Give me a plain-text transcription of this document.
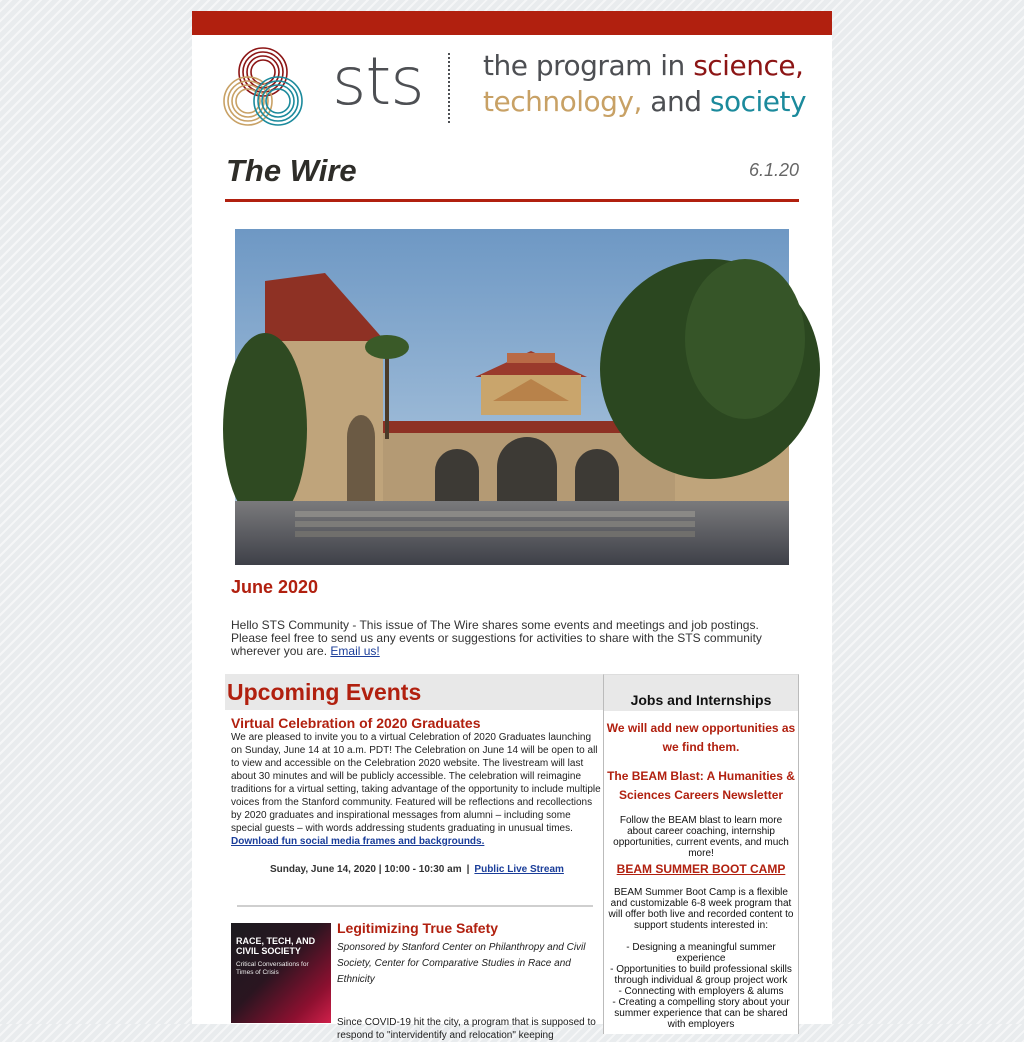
sts the program in science,
technology, and society
The Wire	6.1.20
June 2020
Hello STS Community - This issue of The Wire shares some events and meetings and job postings. Please feel free to send us any events or suggestions for activities to share with the STS community wherever you are. Email us!
Upcoming Events
Virtual Celebration of 2020 Graduates
We are pleased to invite you to a virtual Celebration of 2020 Graduates launching on Sunday, June 14 at 10 a.m. PDT! The Celebration on June 14 will be open to all to view and accessible on the Celebration 2020 website. The livestream will last about 30 minutes and will be publicly accessible. The celebration will reimagine traditions for a virtual setting, taking advantage of the opportunity to include multiple voices from the Stanford community. Featured will be reflections and recollections by 2020 graduates and inspirational messages from alumni – including some special guests – with words addressing students graduating in unusual times. Download fun social media frames and backgrounds.
Sunday, June 14, 2020 | 10:00 - 10:30 am | Public Live Stream
RACE, TECH, AND CIVIL SOCIETY
Critical Conversations for Times of Crisis
Legitimizing True Safety
Sponsored by Stanford Center on Philanthropy and Civil Society, Center for Comparative Studies in Race and Ethnicity
Since COVID-19 hit the city, a program that is supposed to respond to "intervidentify and relocation" keeping
Jobs and Internships
We will add new opportunities as we find them.
The BEAM Blast: A Humanities & Sciences Careers Newsletter
Follow the BEAM blast to learn more about career coaching, internship opportunities, current events, and much more!
BEAM SUMMER BOOT CAMP
BEAM Summer Boot Camp is a flexible and customizable 6-8 week program that will offer both live and recorded content to support students interested in:
- Designing a meaningful summer experience
- Opportunities to build professional skills through individual & group project work
- Connecting with employers & alums
- Creating a compelling story about your summer experience that can be shared with employers
